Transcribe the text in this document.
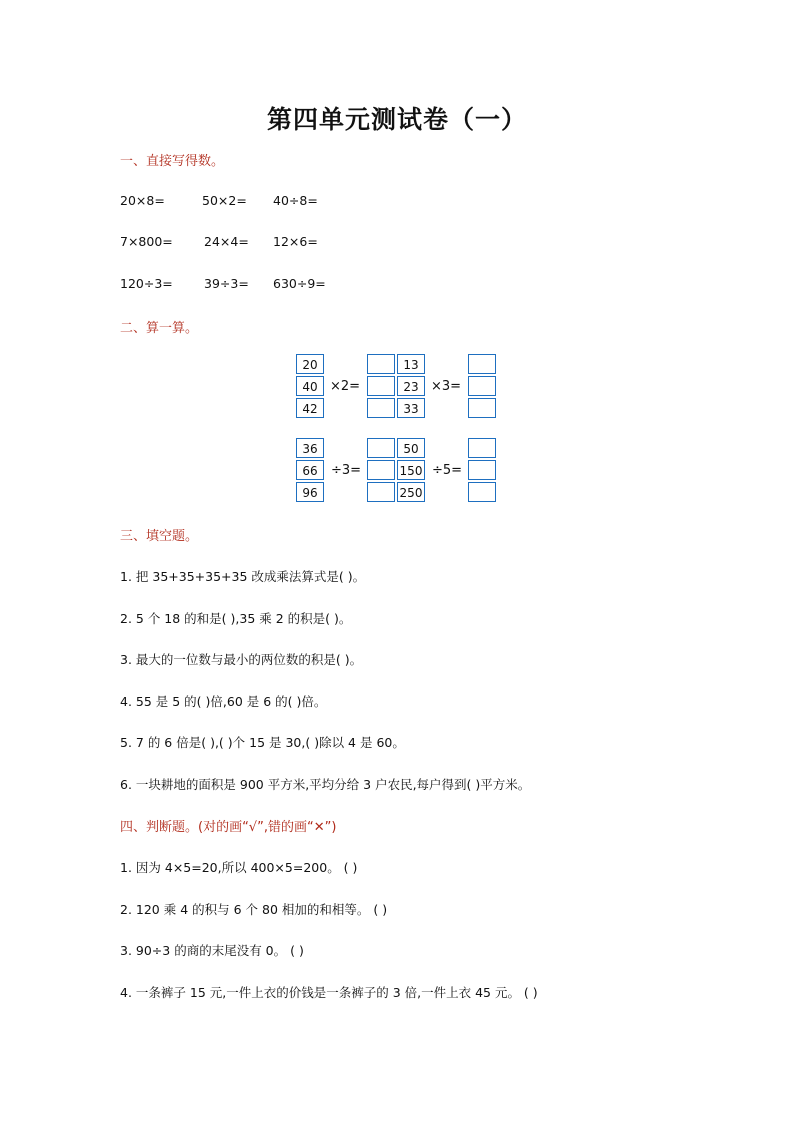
第四单元测试卷（一）
一、直接写得数。
20×8=	50×2= 40÷8=
7×800= 24×4= 12×6=
120÷3= 39÷3= 630÷9=
二、算一算。
20
40
42
×2=
13
23
33
×3=
36
66
96
÷3=
50
150
250
÷5=
三、填空题。
1. 把 35+35+35+35 改成乘法算式是( )。
2. 5 个 18 的和是( ),35 乘 2 的积是( )。
3. 最大的一位数与最小的两位数的积是( )。
4. 55 是 5 的( )倍,60 是 6 的( )倍。
5. 7 的 6 倍是( ),( )个 15 是 30,( )除以 4 是 60。
6. 一块耕地的面积是 900 平方米,平均分给 3 户农民,每户得到( )平方米。
四、判断题。(对的画“√”,错的画“✕”)
1. 因为 4×5=20,所以 400×5=200。 ( )
2. 120 乘 4 的积与 6 个 80 相加的和相等。 ( )
3. 90÷3 的商的末尾没有 0。 ( )
4. 一条裤子 15 元,一件上衣的价钱是一条裤子的 3 倍,一件上衣 45 元。 ( )
